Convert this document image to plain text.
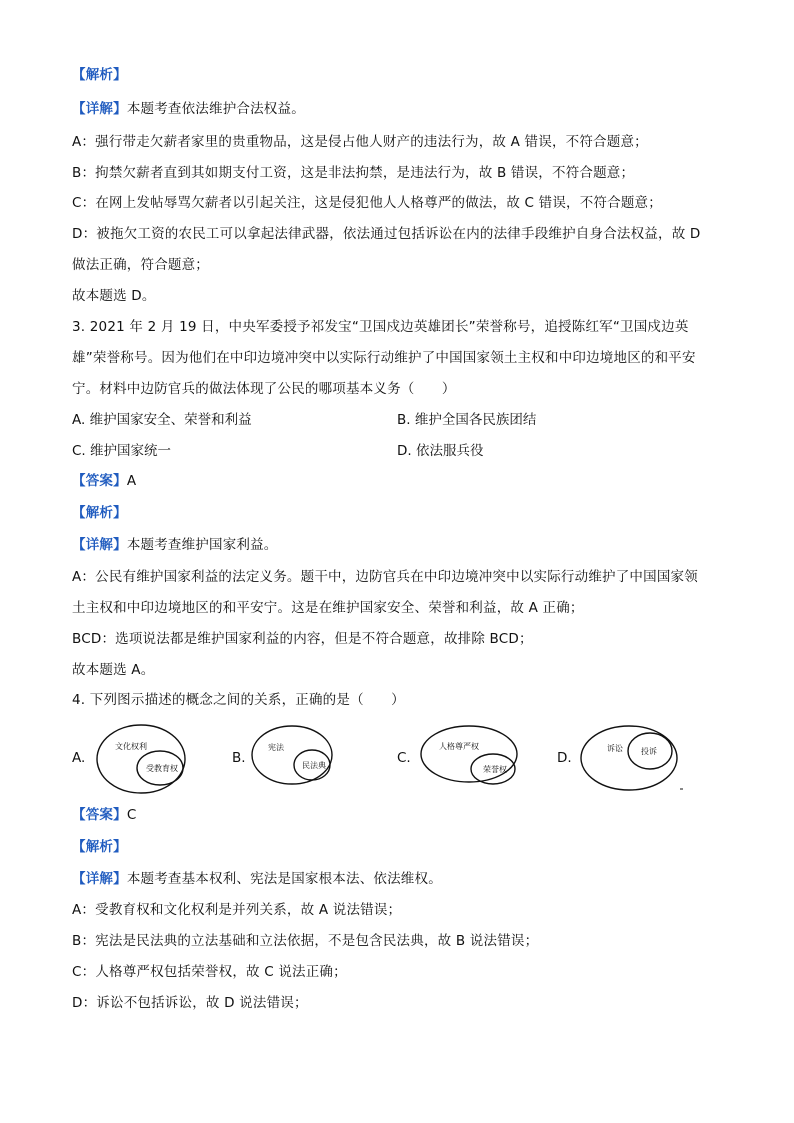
【解析】
【详解】本题考查依法维护合法权益。
A：强行带走欠薪者家里的贵重物品，这是侵占他人财产的违法行为，故 A 错误，不符合题意；
B：拘禁欠薪者直到其如期支付工资，这是非法拘禁，是违法行为，故 B 错误，不符合题意；
C：在网上发帖辱骂欠薪者以引起关注，这是侵犯他人人格尊严的做法，故 C 错误，不符合题意；
D：被拖欠工资的农民工可以拿起法律武器，依法通过包括诉讼在内的法律手段维护自身合法权益，故 D
做法正确，符合题意；
故本题选 D。
3. 2021 年 2 月 19 日，中央军委授予祁发宝“卫国戍边英雄团长”荣誉称号，追授陈红军“卫国戍边英
雄”荣誉称号。因为他们在中印边境冲突中以实际行动维护了中国国家领土主权和中印边境地区的和平安
宁。材料中边防官兵的做法体现了公民的哪项基本义务（　　）
A. 维护国家安全、荣誉和利益	B. 维护全国各民族团结
C. 维护国家统一	D. 依法服兵役
【答案】A
【解析】
【详解】本题考查维护国家利益。
A：公民有维护国家利益的法定义务。题干中，边防官兵在中印边境冲突中以实际行动维护了中国国家领
土主权和中印边境地区的和平安宁。这是在维护国家安全、荣誉和利益，故 A 正确；
BCD：选项说法都是维护国家利益的内容，但是不符合题意，故排除 BCD；
故本题选 A。
4. 下列图示描述的概念之间的关系，正确的是（　　）
A.
文化权利
受教育权
B.
宪法
民法典	C.
人格尊严权
荣誉权
D.
诉讼 投诉
【答案】C
【解析】
【详解】本题考查基本权利、宪法是国家根本法、依法维权。
A：受教育权和文化权利是并列关系，故 A 说法错误；
B：宪法是民法典的立法基础和立法依据，不是包含民法典，故 B 说法错误；
C：人格尊严权包括荣誉权，故 C 说法正确；
D：诉讼不包括诉讼，故 D 说法错误；
